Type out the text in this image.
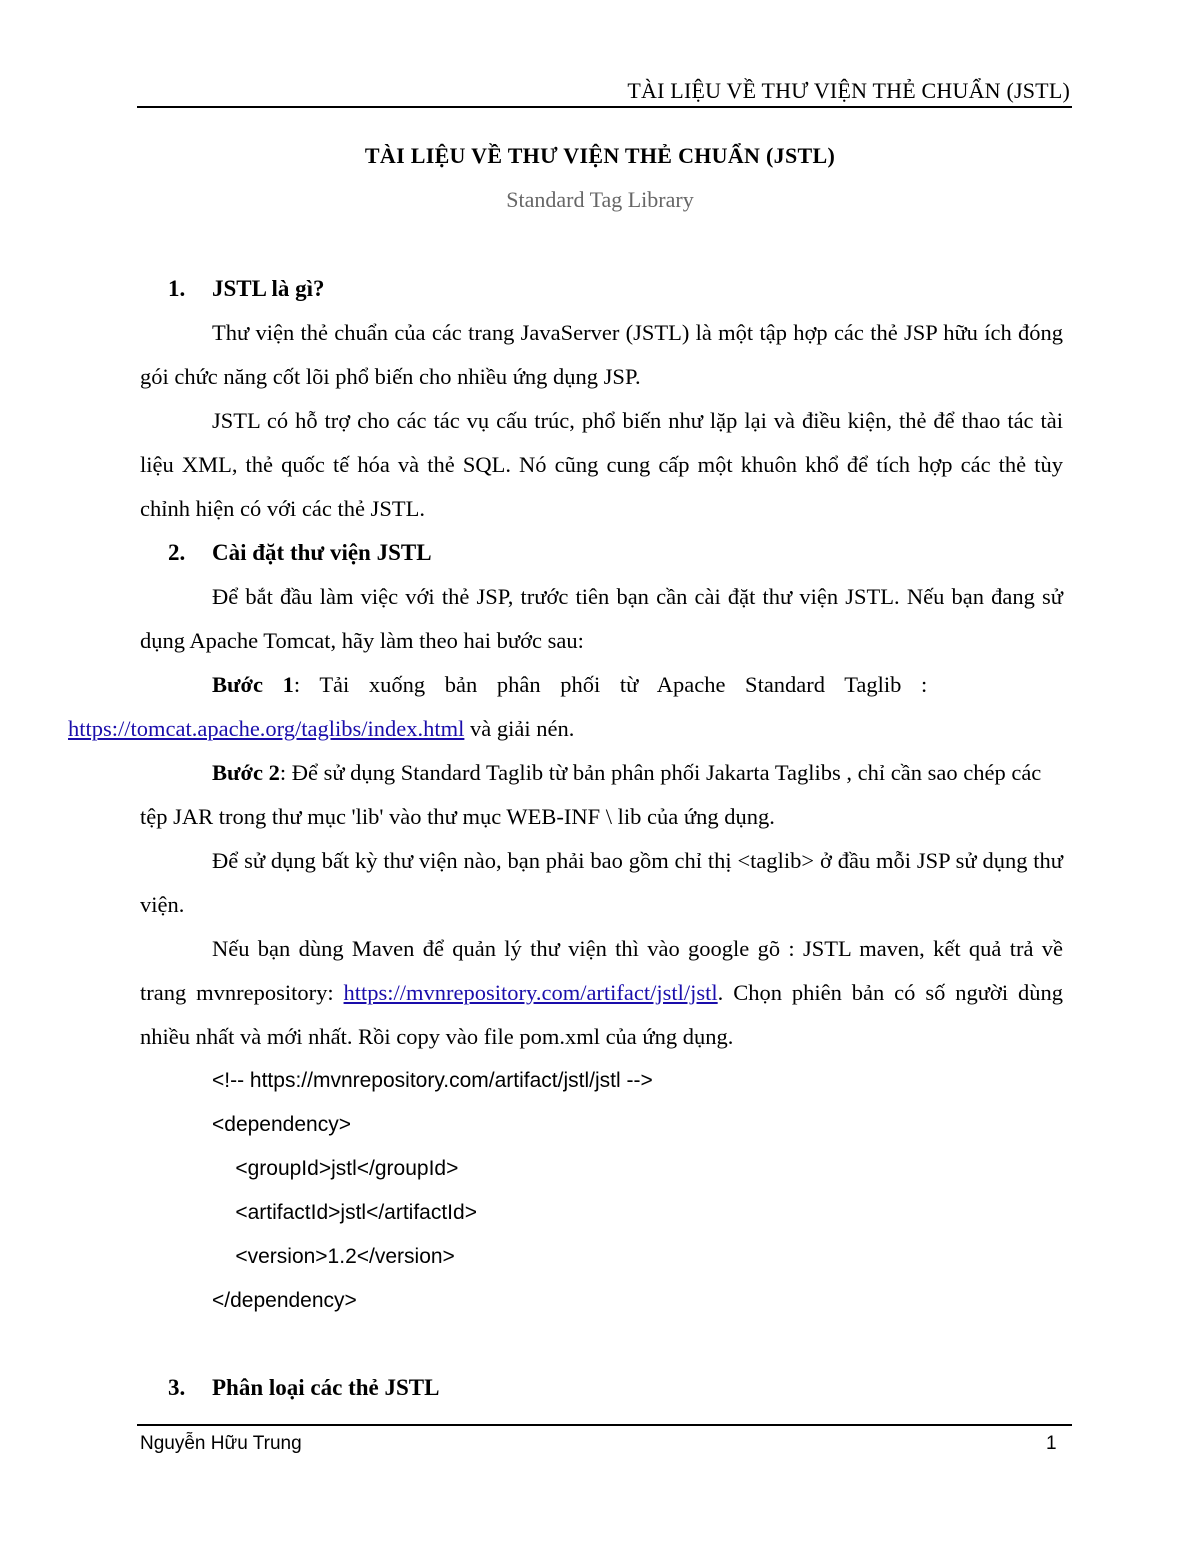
TÀI LIỆU VỀ THƯ VIỆN THẺ CHUẨN (JSTL)
TÀI LIỆU VỀ THƯ VIỆN THẺ CHUẨN (JSTL)
Standard Tag Library
1. JSTL là gì?
Thư viện thẻ chuẩn của các trang JavaServer (JSTL) là một tập hợp các thẻ JSP hữu ích đóng gói chức năng cốt lõi phổ biến cho nhiều ứng dụng JSP.
JSTL có hỗ trợ cho các tác vụ cấu trúc, phổ biến như lặp lại và điều kiện, thẻ để thao tác tài liệu XML, thẻ quốc tế hóa và thẻ SQL. Nó cũng cung cấp một khuôn khổ để tích hợp các thẻ tùy chỉnh hiện có với các thẻ JSTL.
2. Cài đặt thư viện JSTL
Để bắt đầu làm việc với thẻ JSP, trước tiên bạn cần cài đặt thư viện JSTL. Nếu bạn đang sử dụng Apache Tomcat, hãy làm theo hai bước sau:
Bước 1: Tải xuống bản phân phối từ Apache Standard Taglib :
https://tomcat.apache.org/taglibs/index.html và giải nén.
Bước 2: Để sử dụng Standard Taglib từ bản phân phối Jakarta Taglibs , chỉ cần sao chép các tệp JAR trong thư mục 'lib' vào thư mục WEB-INF \ lib của ứng dụng.
Để sử dụng bất kỳ thư viện nào, bạn phải bao gồm chỉ thị <taglib> ở đầu mỗi JSP sử dụng thư viện.
Nếu bạn dùng Maven để quản lý thư viện thì vào google gõ : JSTL maven, kết quả trả về trang mvnrepository: https://mvnrepository.com/artifact/jstl/jstl. Chọn phiên bản có số người dùng nhiều nhất và mới nhất. Rồi copy vào file pom.xml của ứng dụng.
<!-- https://mvnrepository.com/artifact/jstl/jstl -->
<dependency>
<groupId>jstl</groupId>
<artifactId>jstl</artifactId>
<version>1.2</version>
</dependency>
3. Phân loại các thẻ JSTL
Nguyễn Hữu Trung	1
